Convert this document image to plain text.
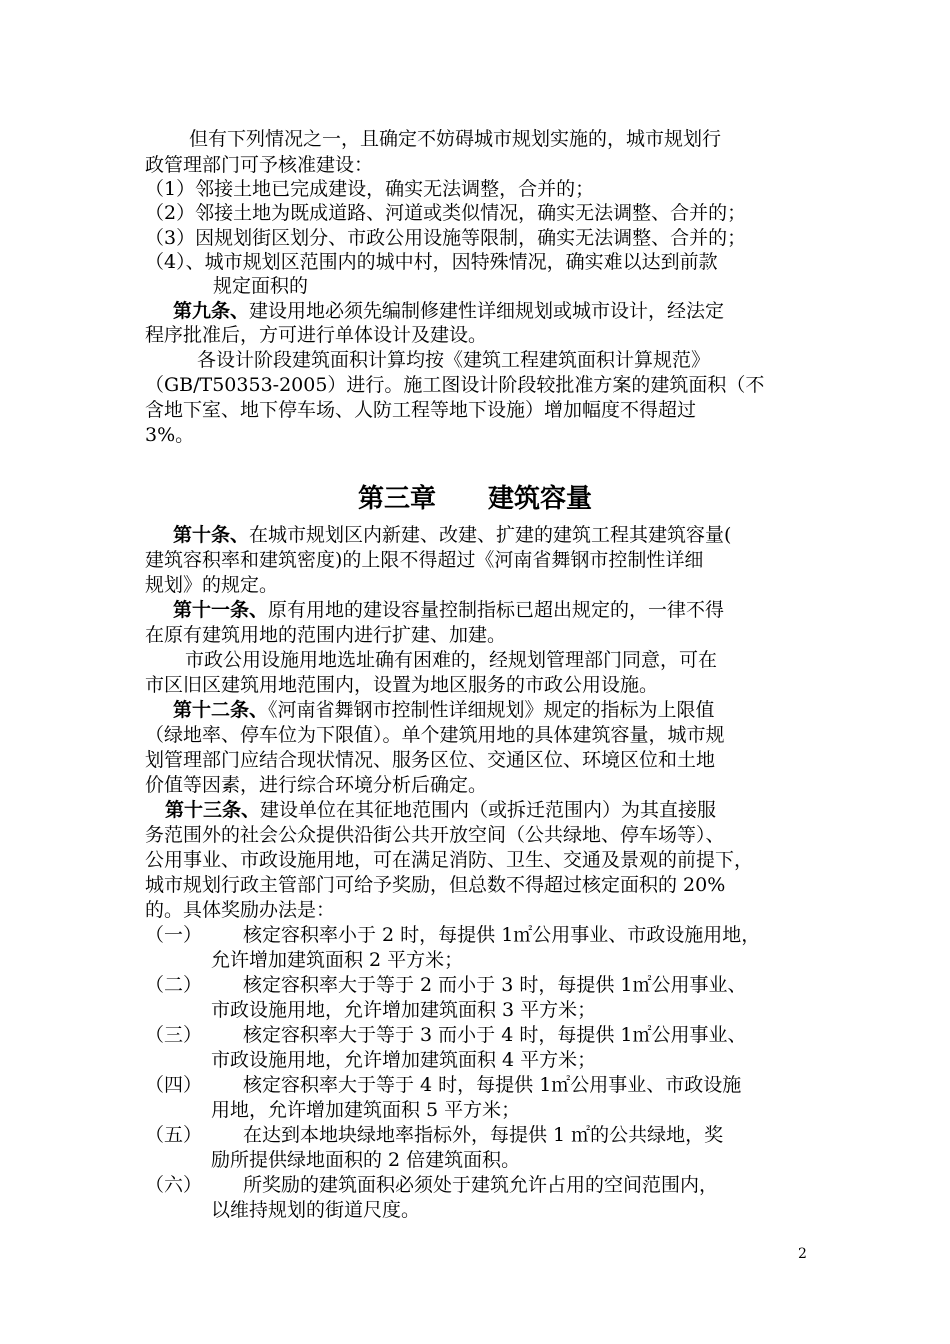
但有下列情况之一，且确定不妨碍城市规划实施的，城市规划行
政管理部门可予核准建设：
（1）邻接土地已完成建设，确实无法调整，合并的；
（2）邻接土地为既成道路、河道或类似情况，确实无法调整、合并的；
（3）因规划街区划分、市政公用设施等限制，确实无法调整、合并的；
（4）、城市规划区范围内的城中村，因特殊情况，确实难以达到前款
规定面积的
第九条、建设用地必须先编制修建性详细规划或城市设计，经法定
程序批准后，方可进行单体设计及建设。
各设计阶段建筑面积计算均按《建筑工程建筑面积计算规范》
（GB/T50353-2005）进行。施工图设计阶段较批准方案的建筑面积（不
含地下室、地下停车场、人防工程等地下设施）增加幅度不得超过
3%。
第三章　　建筑容量
第十条、在城市规划区内新建、改建、扩建的建筑工程其建筑容量(
建筑容积率和建筑密度)的上限不得超过《河南省舞钢市控制性详细
规划》的规定。
第十一条、原有用地的建设容量控制指标已超出规定的，一律不得
在原有建筑用地的范围内进行扩建、加建。
市政公用设施用地选址确有困难的，经规划管理部门同意，可在
市区旧区建筑用地范围内，设置为地区服务的市政公用设施。
第十二条、《河南省舞钢市控制性详细规划》规定的指标为上限值
（绿地率、停车位为下限值）。单个建筑用地的具体建筑容量，城市规
划管理部门应结合现状情况、服务区位、交通区位、环境区位和土地
价值等因素，进行综合环境分析后确定。
第十三条、建设单位在其征地范围内（或拆迁范围内）为其直接服
务范围外的社会公众提供沿街公共开放空间（公共绿地、停车场等）、
公用事业、市政设施用地，可在满足消防、卫生、交通及景观的前提下，
城市规划行政主管部门可给予奖励，但总数不得超过核定面积的 20%
的。具体奖励办法是：
（一） 核定容积率小于 2 时，每提供 1㎡公用事业、市政设施用地，
允许增加建筑面积 2 平方米；
（二） 核定容积率大于等于 2 而小于 3 时，每提供 1㎡公用事业、
市政设施用地，允许增加建筑面积 3 平方米；
（三） 核定容积率大于等于 3 而小于 4 时，每提供 1㎡公用事业、
市政设施用地，允许增加建筑面积 4 平方米；
（四） 核定容积率大于等于 4 时，每提供 1㎡公用事业、市政设施
用地，允许增加建筑面积 5 平方米；
（五） 在达到本地块绿地率指标外，每提供 1 ㎡的公共绿地，奖
励所提供绿地面积的 2 倍建筑面积。
（六） 所奖励的建筑面积必须处于建筑允许占用的空间范围内，
以维持规划的街道尺度。
2
